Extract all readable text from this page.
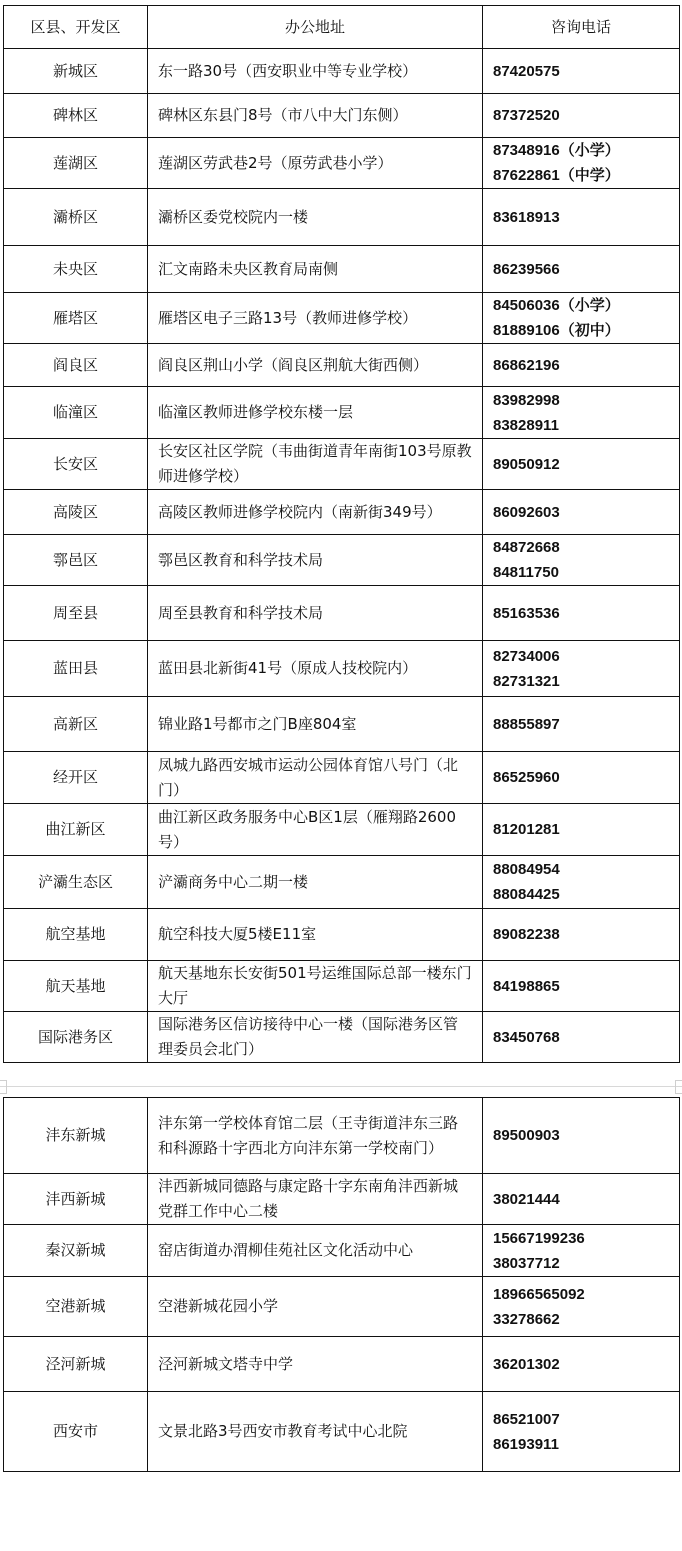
区县、开发区	办公地址	咨询电话
新城区	东一路30号（西安职业中等专业学校）	87420575

碑林区	碑林区东县门8号（市八中大门东侧）	87372520

莲湖区	莲湖区劳武巷2号（原劳武巷小学）	87348916（小学）
87622861（中学）

灞桥区	灞桥区委党校院内一楼	83618913

未央区	汇文南路未央区教育局南侧	86239566

雁塔区	雁塔区电子三路13号（教师进修学校）	84506036（小学）
81889106（初中）

阎良区	阎良区荆山小学（阎良区荆航大街西侧）	86862196

临潼区	临潼区教师进修学校东楼一层	83982998
83828911

长安区	长安区社区学院（韦曲街道青年南街103号原教师进修学校）	89050912

高陵区	高陵区教师进修学校院内（南新街349号）	86092603

鄠邑区	鄠邑区教育和科学技术局	84872668
84811750

周至县	周至县教育和科学技术局	85163536

蓝田县	蓝田县北新街41号（原成人技校院内）	82734006
82731321

高新区	锦业路1号都市之门B座804室	88855897

经开区	凤城九路西安城市运动公园体育馆八号门（北门）	86525960

曲江新区	曲江新区政务服务中心B区1层（雁翔路2600号）	81201281

浐灞生态区	浐灞商务中心二期一楼	88084954
88084425

航空基地	航空科技大厦5楼E11室	89082238

航天基地	航天基地东长安街501号运维国际总部一楼东门大厅	84198865

国际港务区	国际港务区信访接待中心一楼（国际港务区管理委员会北门）	83450768
沣东新城	沣东第一学校体育馆二层（王寺街道沣东三路和科源路十字西北方向沣东第一学校南门）	89500903

沣西新城	沣西新城同德路与康定路十字东南角沣西新城党群工作中心二楼	38021444

秦汉新城	窑店街道办渭柳佳苑社区文化活动中心	15667199236
38037712

空港新城	空港新城花园小学	18966565092
33278662

泾河新城	泾河新城文塔寺中学	36201302

西安市	文景北路3号西安市教育考试中心北院	86521007
86193911
